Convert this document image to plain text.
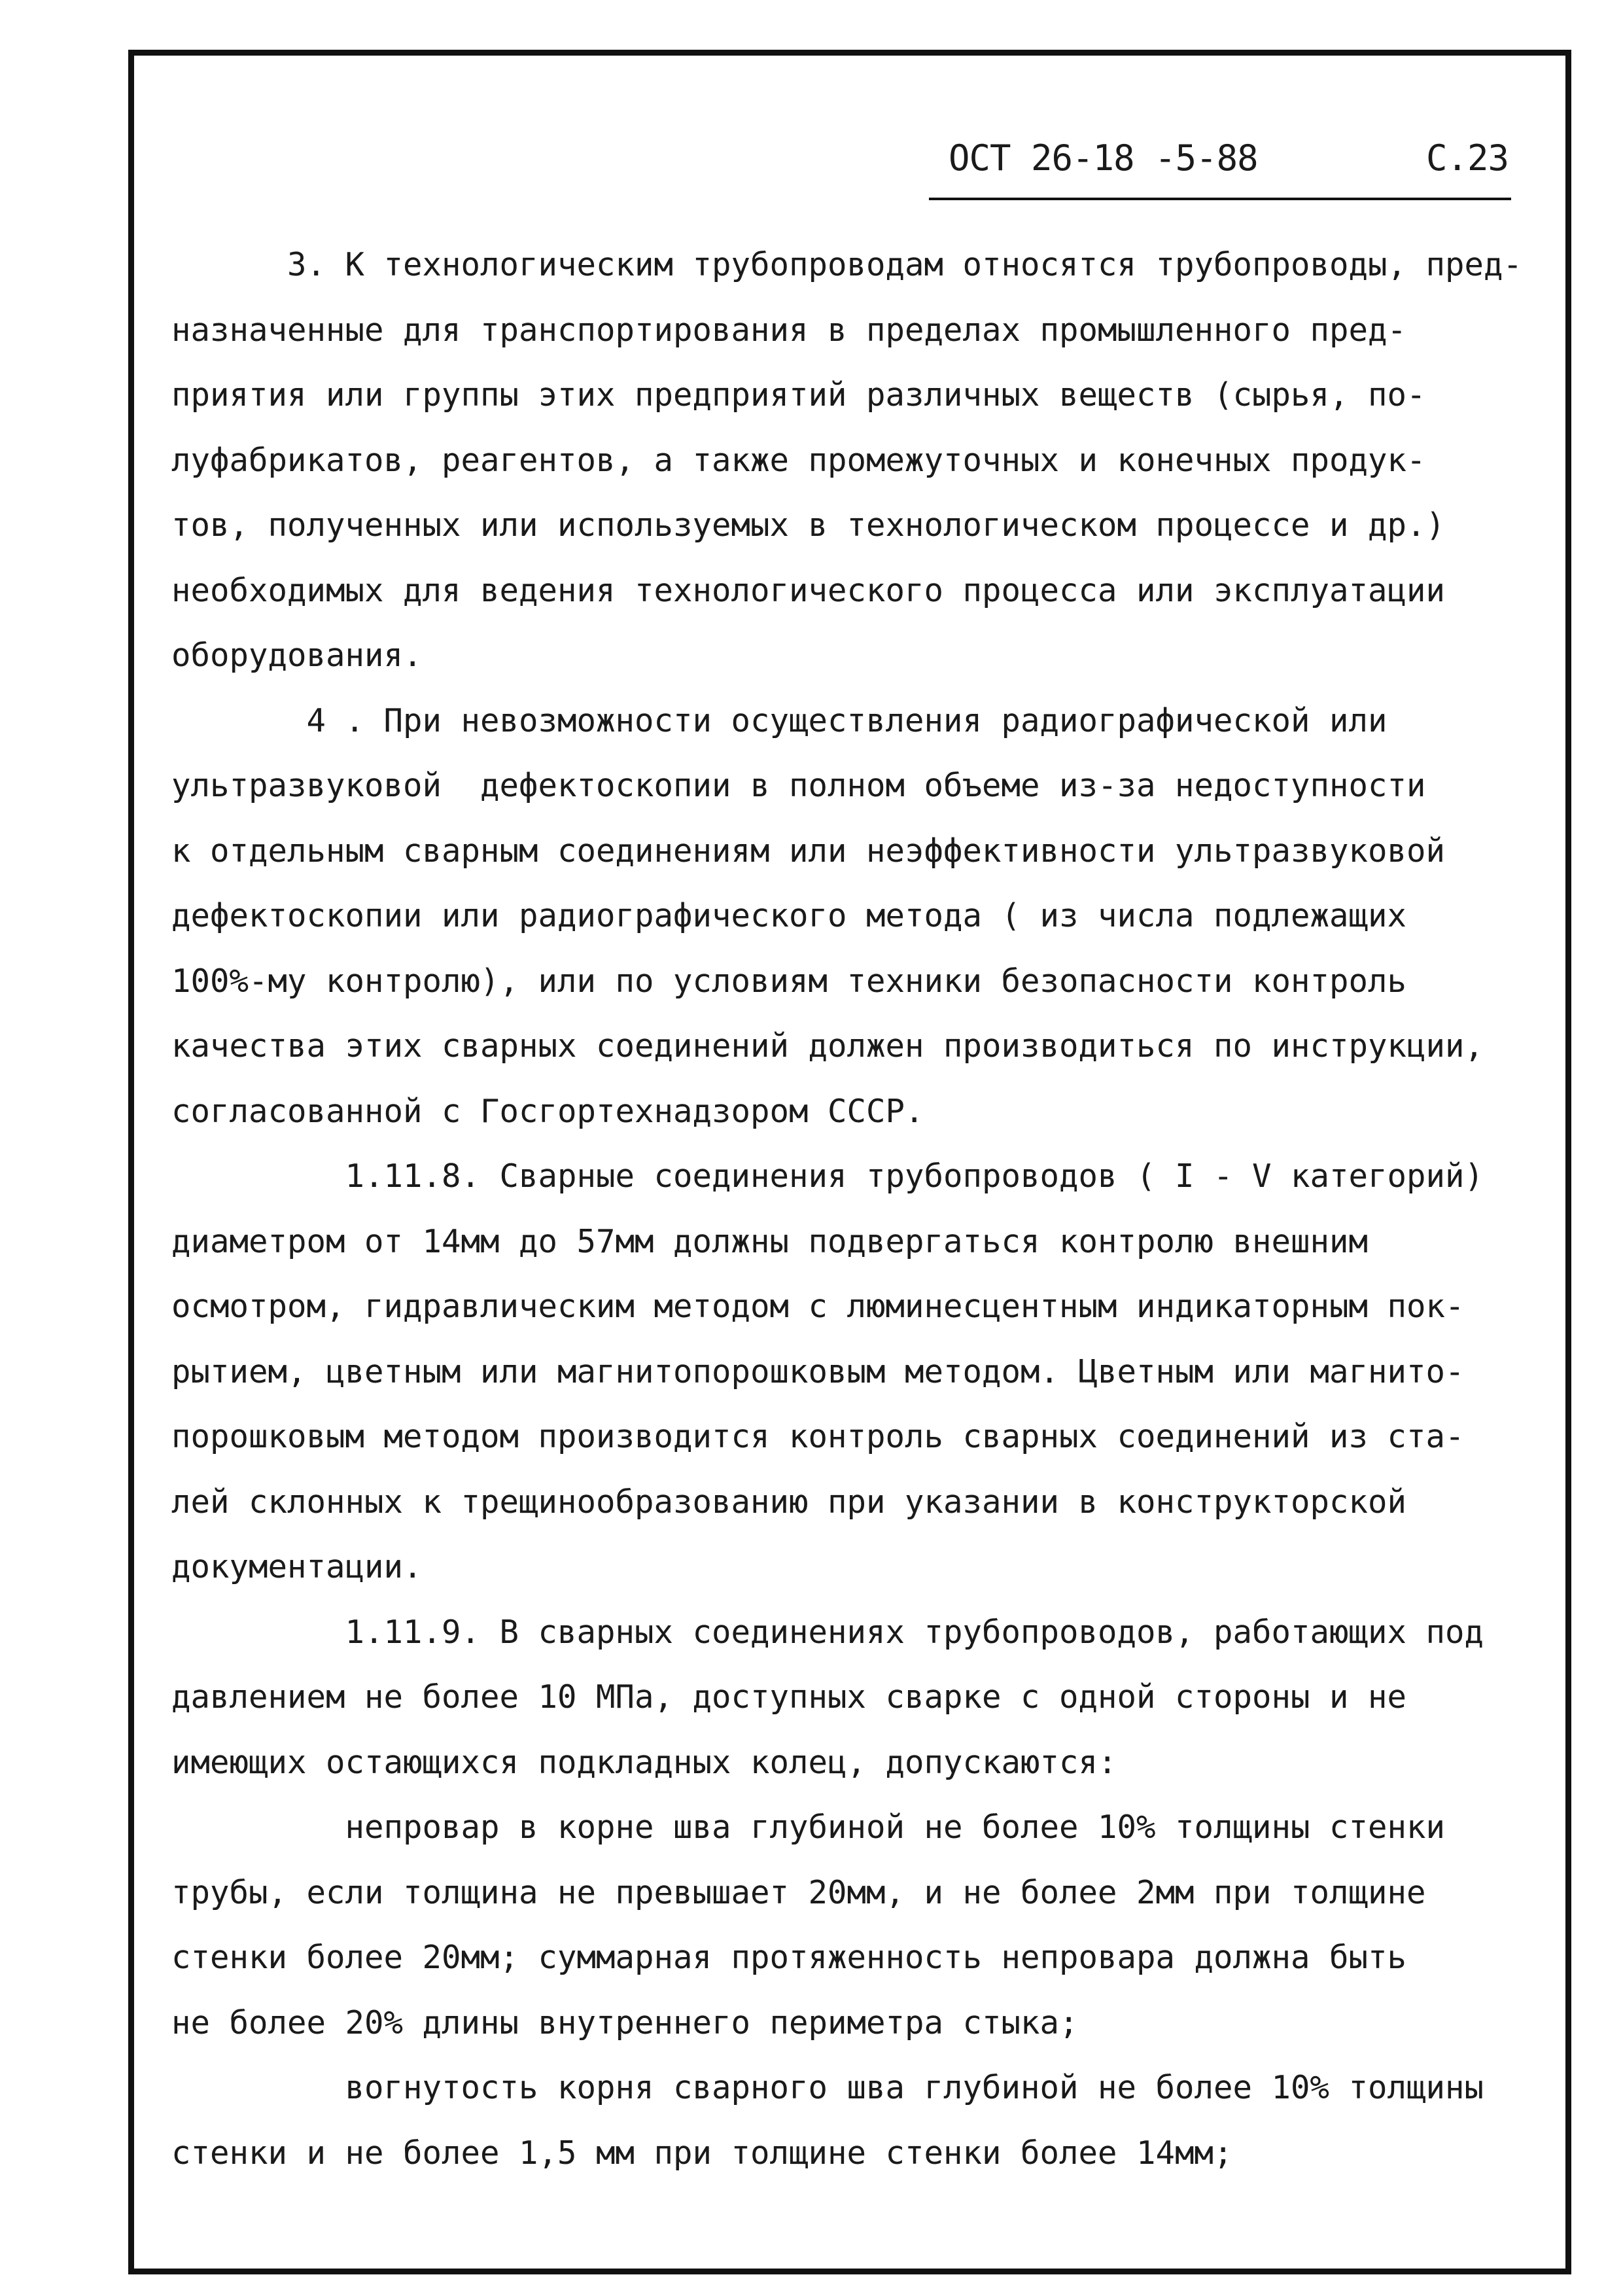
ОСТ 26-18 -5-88	С.23
3. К технологическим трубопроводам относятся трубопроводы, пред-
назначенные для транспортирования в пределах промышленного пред-
приятия или группы этих предприятий различных веществ (сырья, по-
луфабрикатов, реагентов, а также промежуточных и конечных продук-
тов, полученных или используемых в технологическом процессе и др.)
необходимых для ведения технологического процесса или эксплуатации
оборудования.
4 . При невозможности осуществления радиографической или
ультразвуковой  дефектоскопии в полном объеме из-за недоступности
к отдельным сварным соединениям или неэффективности ультразвуковой
дефектоскопии или радиографического метода ( из числа подлежащих
100%-му контролю), или по условиям техники безопасности контроль
качества этих сварных соединений должен производиться по инструкции,
согласованной с Госгортехнадзором СССР.
1.11.8. Сварные соединения трубопроводов ( I - V категорий)
диаметром от 14мм до 57мм должны подвергаться контролю внешним
осмотром, гидравлическим методом с люминесцентным индикаторным пок-
рытием, цветным или магнитопорошковым методом. Цветным или магнито-
порошковым методом производится контроль сварных соединений из ста-
лей склонных к трещинообразованию при указании в конструкторской
документации.
1.11.9. В сварных соединениях трубопроводов, работающих под
давлением не более 10 МПа, доступных сварке с одной стороны и не
имеющих остающихся подкладных колец, допускаются:
непровар в корне шва глубиной не более 10% толщины стенки
трубы, если толщина не превышает 20мм, и не более 2мм при толщине
стенки более 20мм; суммарная протяженность непровара должна быть
не более 20% длины внутреннего периметра стыка;
вогнутость корня сварного шва глубиной не более 10% толщины
стенки и не более 1,5 мм при толщине стенки более 14мм;
